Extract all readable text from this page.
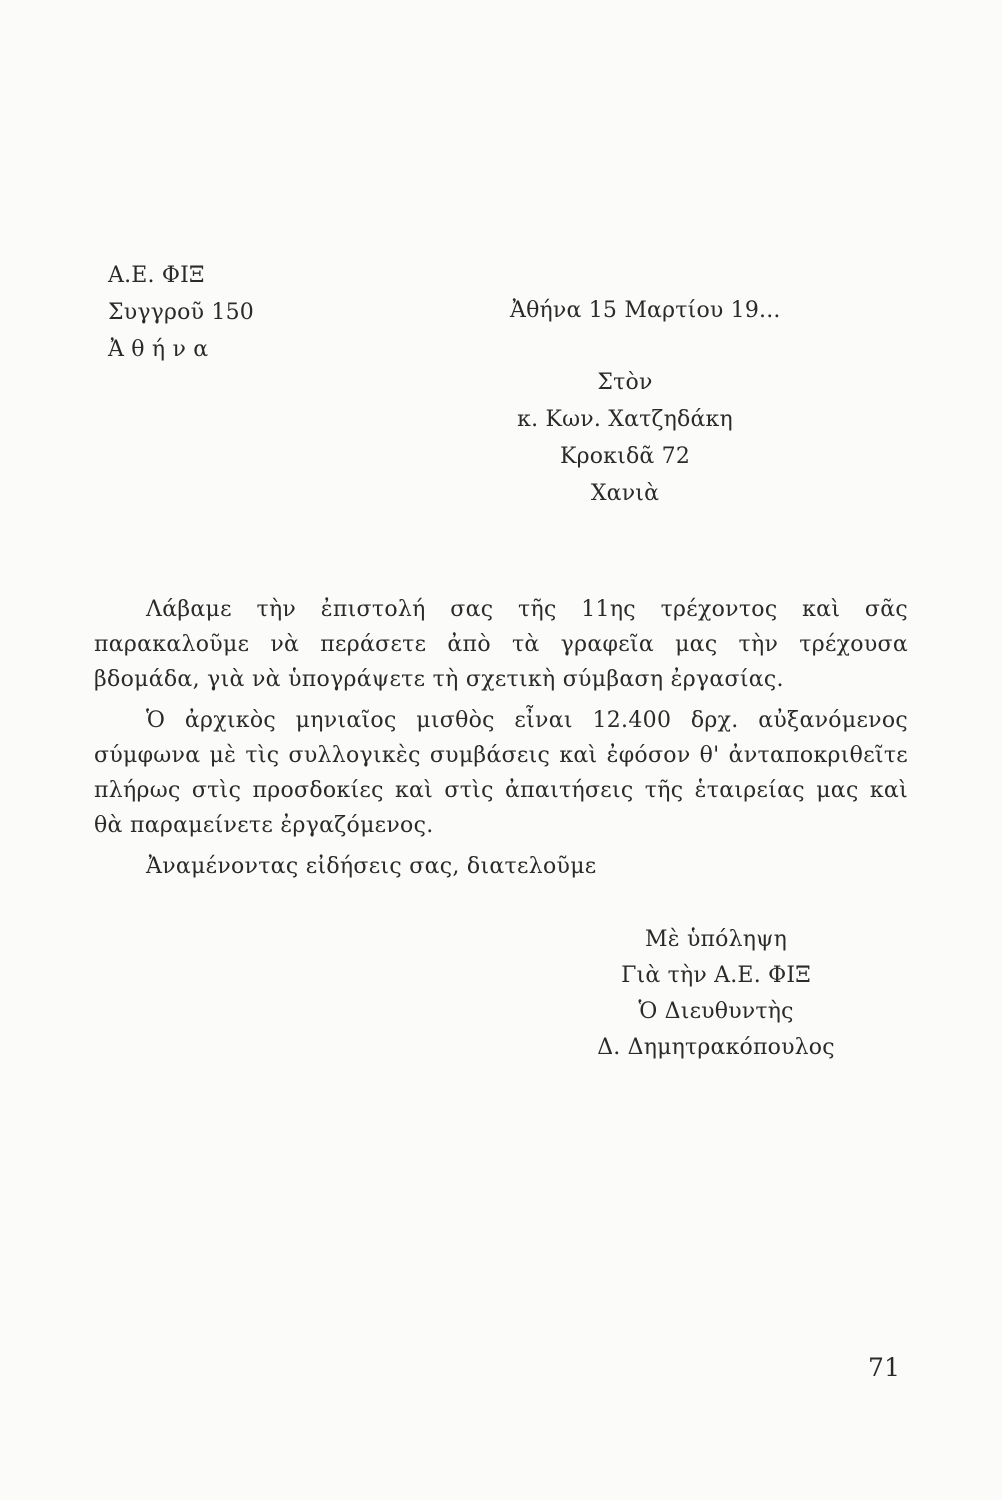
Α.Ε. ΦΙΞ
Συγγροῦ 150
Ἀ θ ή ν α
Ἀθήνα 15 Μαρτίου 19...
Στὸν
κ. Κων. Χατζηδάκη
Κροκιδᾶ 72
Χανιὰ

Λάβαμε τὴν ἐπιστολή σας τῆς 11ης τρέχοντος καὶ σᾶς παρακαλοῦμε νὰ περάσετε ἀπὸ τὰ γραφεῖα μας τὴν τρέχουσα βδομάδα, γιὰ νὰ ὑπογράψετε τὴ σχετικὴ σύμβαση ἐργασίας.

Ὁ ἀρχικὸς μηνιαῖος μισθὸς εἶναι 12.400 δρχ. αὐξανόμενος σύμφωνα μὲ τὶς συλλογικὲς συμβάσεις καὶ ἐφόσον θ' ἀνταποκριθεῖτε πλήρως στὶς προσδοκίες καὶ στὶς ἀπαιτήσεις τῆς ἑταιρείας μας καὶ θὰ παραμείνετε ἐργαζόμενος.

Ἀναμένοντας εἰδήσεις σας, διατελοῦμε

Μὲ ὑπόληψη
Γιὰ τὴν Α.Ε. ΦΙΞ
Ὁ Διευθυντὴς
Δ. Δημητρακόπουλος
71
